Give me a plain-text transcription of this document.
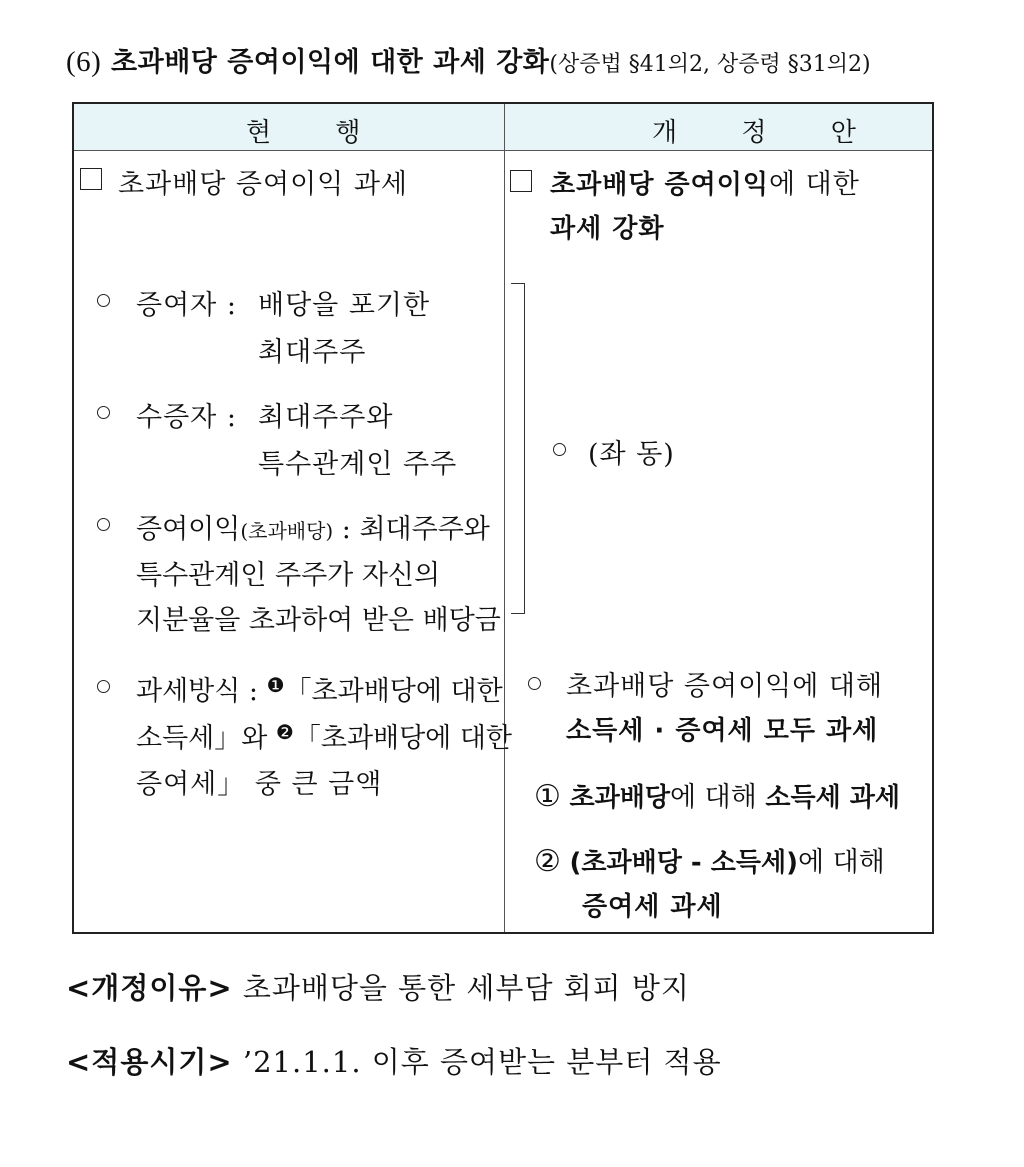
(6) 초과배당 증여이익에 대한 과세 강화(상증법 §41의2, 상증령 §31의2)
현 행	개 정 안
초과배당 증여이익 과세
증여자 : 배당을 포기한
최대주주
수증자 : 최대주주와
특수관계인 주주
증여이익(초과배당) : 최대주주와
특수관계인 주주가 자신의
지분율을 초과하여 받은 배당금
과세방식 : $^❶$「초과배당에 대한
소득세」와 $^❷$「초과배당에 대한
증여세」 중 큰 금액
초과배당 증여이익에 대한
과세 강화
(좌 동)
초과배당 증여이익에 대해
소득세 · 증여세 모두 과세
① 초과배당에 대해 소득세 과세
② (초과배당 - 소득세)에 대해
증여세 과세
<개정이유> 초과배당을 통한 세부담 회피 방지
<적용시기> ’21.1.1. 이후 증여받는 분부터 적용
